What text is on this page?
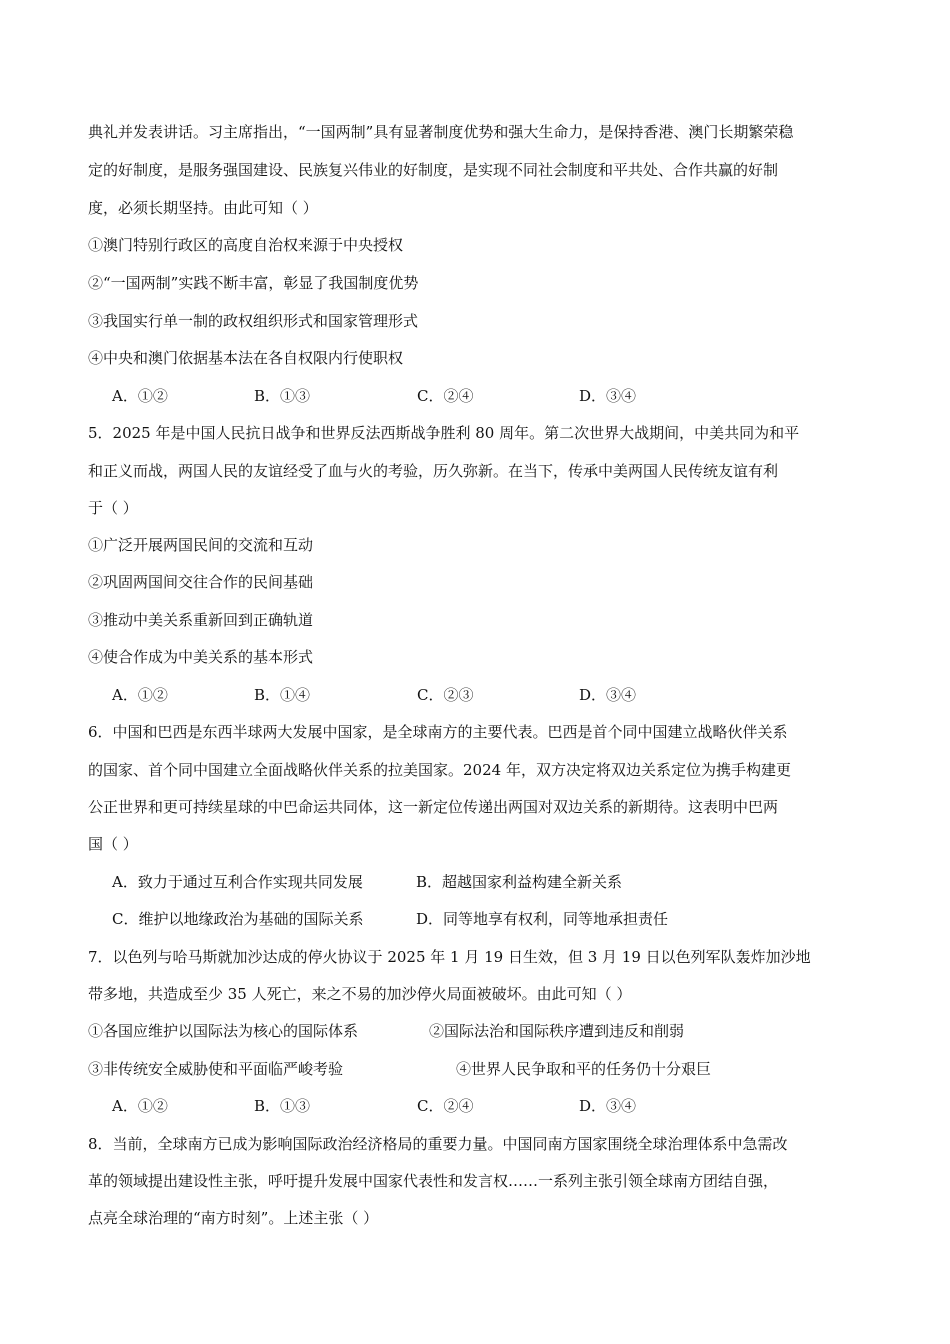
典礼并发表讲话。习主席指出，“一国两制”具有显著制度优势和强大生命力，是保持香港、澳门长期繁荣稳
定的好制度，是服务强国建设、民族复兴伟业的好制度，是实现不同社会制度和平共处、合作共赢的好制
度，必须长期坚持。由此可知（ ）
①澳门特别行政区的高度自治权来源于中央授权
②“一国两制”实践不断丰富，彰显了我国制度优势
③我国实行单一制的政权组织形式和国家管理形式
④中央和澳门依据基本法在各自权限内行使职权
A．①②	B．①③	C．②④	D．③④
5．2025 年是中国人民抗日战争和世界反法西斯战争胜利 80 周年。第二次世界大战期间，中美共同为和平
和正义而战，两国人民的友谊经受了血与火的考验，历久弥新。在当下，传承中美两国人民传统友谊有利
于（ ）
①广泛开展两国民间的交流和互动
②巩固两国间交往合作的民间基础
③推动中美关系重新回到正确轨道
④使合作成为中美关系的基本形式
A．①②	B．①④	C．②③	D．③④
6．中国和巴西是东西半球两大发展中国家，是全球南方的主要代表。巴西是首个同中国建立战略伙伴关系
的国家、首个同中国建立全面战略伙伴关系的拉美国家。2024 年，双方决定将双边关系定位为携手构建更
公正世界和更可持续星球的中巴命运共同体，这一新定位传递出两国对双边关系的新期待。这表明中巴两
国（ ）
A．致力于通过互利合作实现共同发展	B．超越国家利益构建全新关系
C．维护以地缘政治为基础的国际关系	D．同等地享有权利，同等地承担责任
7．以色列与哈马斯就加沙达成的停火协议于 2025 年 1 月 19 日生效，但 3 月 19 日以色列军队轰炸加沙地
带多地，共造成至少 35 人死亡，来之不易的加沙停火局面被破坏。由此可知（ ）
①各国应维护以国际法为核心的国际体系	②国际法治和国际秩序遭到违反和削弱
③非传统安全威胁使和平面临严峻考验	④世界人民争取和平的任务仍十分艰巨
A．①②	B．①③	C．②④	D．③④
8．当前，全球南方已成为影响国际政治经济格局的重要力量。中国同南方国家围绕全球治理体系中急需改
革的领域提出建设性主张，呼吁提升发展中国家代表性和发言权……一系列主张引领全球南方团结自强，
点亮全球治理的“南方时刻”。上述主张（ ）
